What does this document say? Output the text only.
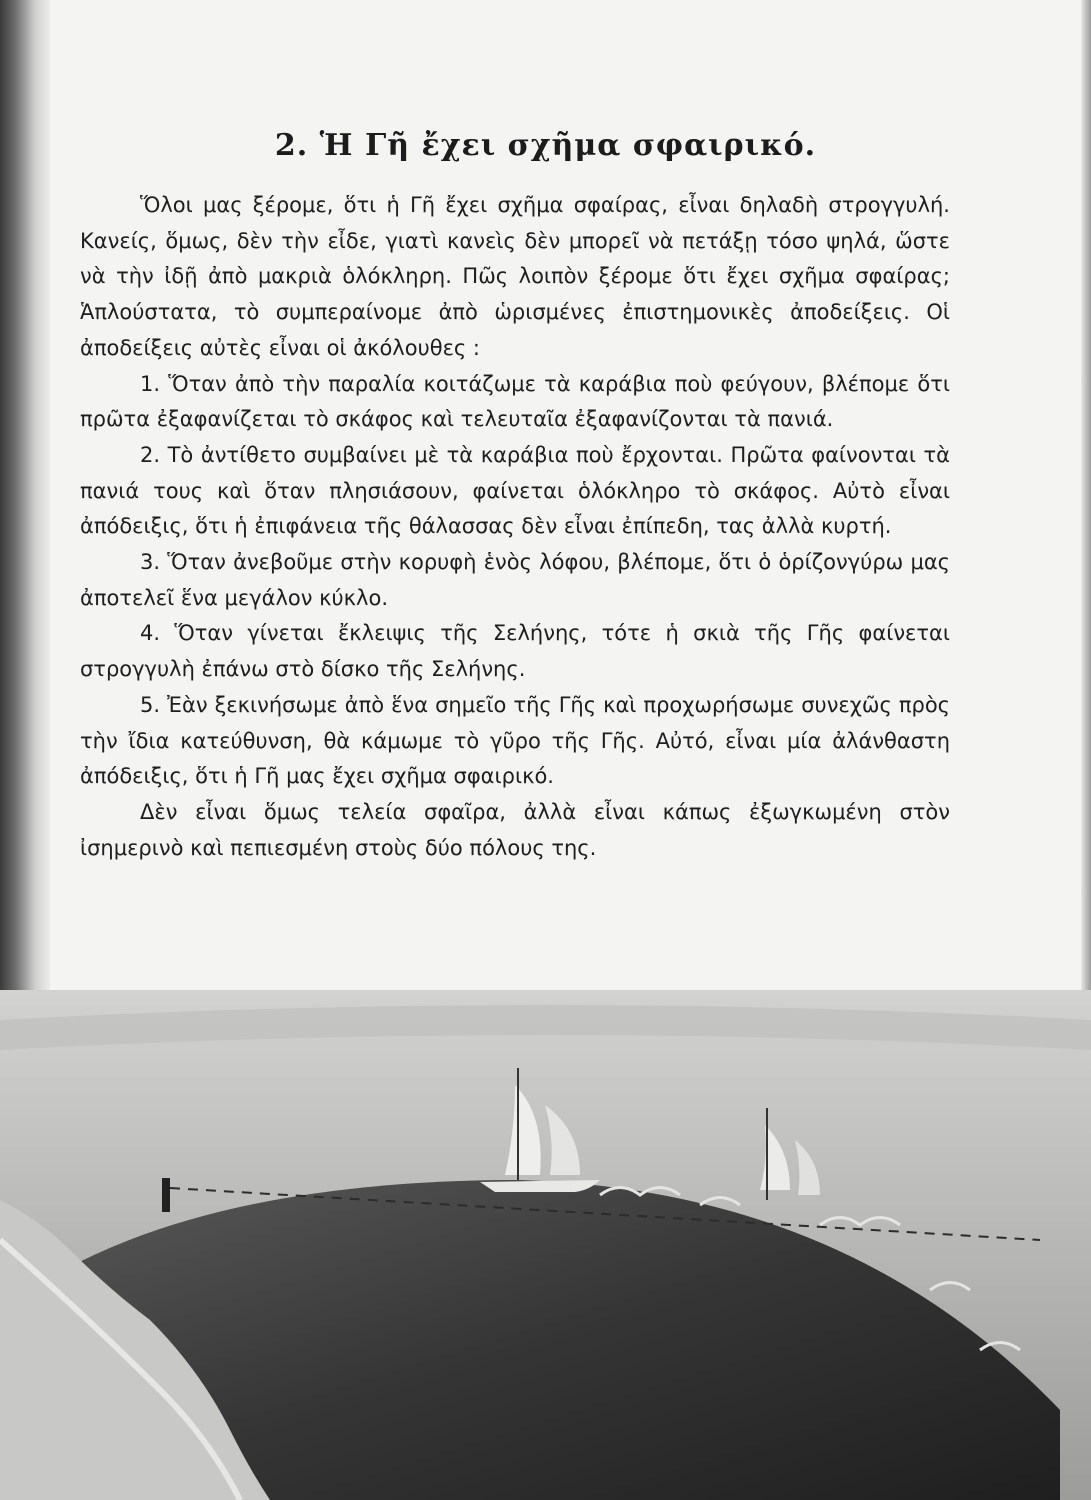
2. Ἡ Γῆ ἔχει σχῆμα σφαιρικό.

Ὅλοι μας ξέρομε, ὅτι ἡ Γῆ ἔχει σχῆμα σφαίρας, εἶναι δηλαδὴ στρογγυλή. Κανείς, ὅμως, δὲν τὴν εἶδε, γιατὶ κανεὶς δὲν μπορεῖ νὰ πετάξῃ τόσο ψηλά, ὥστε νὰ τὴν ἰδῇ ἀπὸ μακριὰ ὁλόκληρη. Πῶς λοιπὸν ξέρομε ὅτι ἔχει σχῆμα σφαίρας; Ἁπλούστατα, τὸ συμπεραίνομε ἀπὸ ὡρισμένες ἐπιστημονικὲς ἀποδείξεις. Οἱ ἀποδείξεις αὐτὲς εἶναι οἱ ἀκόλουθες :

1. Ὅταν ἀπὸ τὴν παραλία κοιτάζωμε τὰ καράβια ποὺ φεύγουν, βλέπομε ὅτι πρῶτα ἐξαφανίζεται τὸ σκάφος καὶ τελευταῖα ἐξαφανίζονται τὰ πανιά.

2. Τὸ ἀντίθετο συμβαίνει μὲ τὰ καράβια ποὺ ἔρχονται. Πρῶτα φαίνονται τὰ πανιά τους καὶ ὅταν πλησιάσουν, φαίνεται ὁλόκληρο τὸ σκάφος. Αὐτὸ εἶναι ἀπόδειξις, ὅτι ἡ ἐπιφάνεια τῆς θάλασσας δὲν εἶναι ἐπίπεδη, τας ἀλλὰ κυρτή.

3. Ὅταν ἀνεβοῦμε στὴν κορυφὴ ἑνὸς λόφου, βλέπομε, ὅτι ὁ ὁρίζονγύρω μας ἀποτελεῖ ἕνα μεγάλον κύκλο.

4. Ὅταν γίνεται ἔκλειψις τῆς Σελήνης, τότε ἡ σκιὰ τῆς Γῆς φαίνεται στρογγυλὴ ἐπάνω στὸ δίσκο τῆς Σελήνης.

5. Ἐὰν ξεκινήσωμε ἀπὸ ἕνα σημεῖο τῆς Γῆς καὶ προχωρήσωμε συνεχῶς πρὸς τὴν ἴδια κατεύθυνση, θὰ κάμωμε τὸ γῦρο τῆς Γῆς. Αὐτό, εἶναι μία ἀλάνθαστη ἀπόδειξις, ὅτι ἡ Γῆ μας ἔχει σχῆμα σφαιρικό.

Δὲν εἶναι ὅμως τελεία σφαῖρα, ἀλλὰ εἶναι κάπως ἐξωγκωμένη στὸν ἰσημερινὸ καὶ πεπιεσμένη στοὺς δύο πόλους της.
